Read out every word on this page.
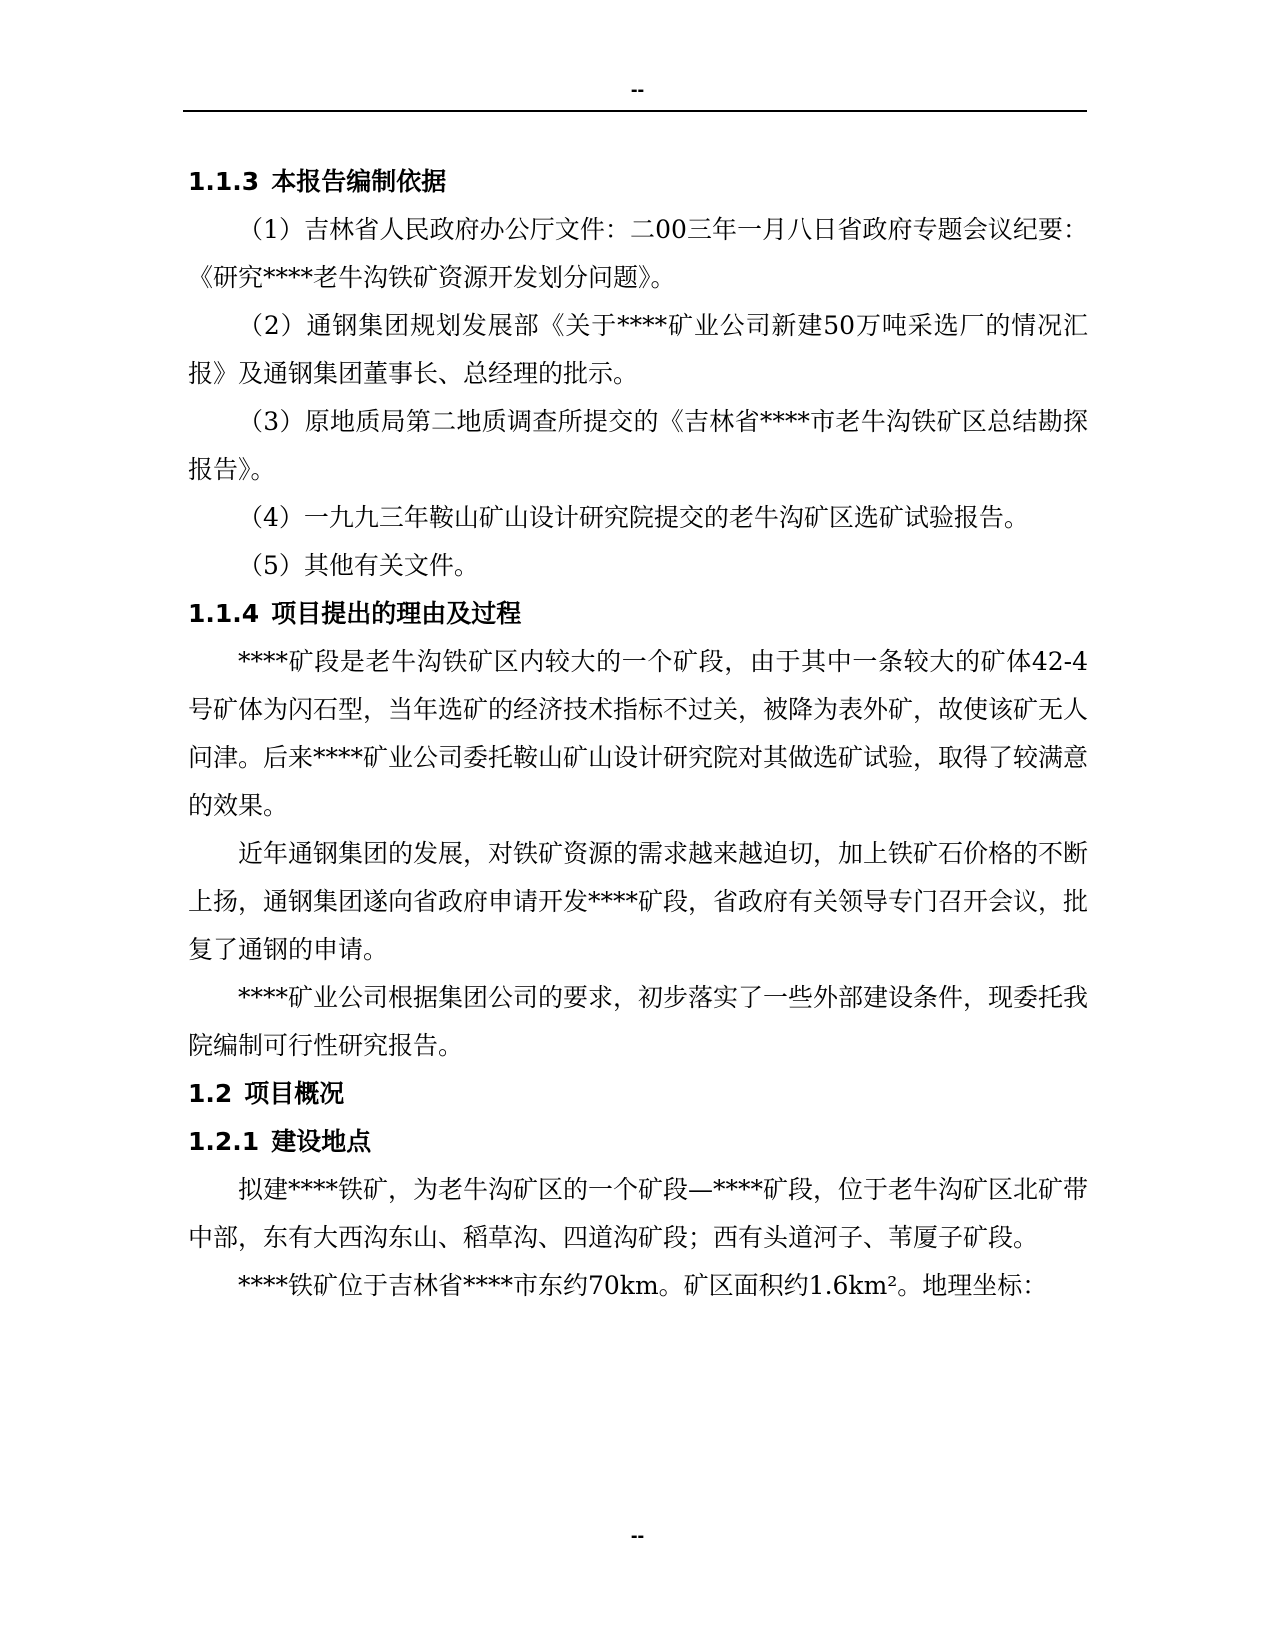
--
1.1.3 本报告编制依据

（1）吉林省人民政府办公厅文件：二00三年一月八日省政府专题会议纪要：《研究****老牛沟铁矿资源开发划分问题》。

（2）通钢集团规划发展部《关于****矿业公司新建50万吨采选厂的情况汇报》及通钢集团董事长、总经理的批示。

（3）原地质局第二地质调查所提交的《吉林省****市老牛沟铁矿区总结勘探报告》。

（4）一九九三年鞍山矿山设计研究院提交的老牛沟矿区选矿试验报告。

（5）其他有关文件。

1.1.4 项目提出的理由及过程

****矿段是老牛沟铁矿区内较大的一个矿段，由于其中一条较大的矿体42-4号矿体为闪石型，当年选矿的经济技术指标不过关，被降为表外矿，故使该矿无人问津。后来****矿业公司委托鞍山矿山设计研究院对其做选矿试验，取得了较满意的效果。

近年通钢集团的发展，对铁矿资源的需求越来越迫切，加上铁矿石价格的不断上扬，通钢集团遂向省政府申请开发****矿段，省政府有关领导专门召开会议，批复了通钢的申请。

****矿业公司根据集团公司的要求，初步落实了一些外部建设条件，现委托我院编制可行性研究报告。

1.2 项目概况
1.2.1 建设地点

拟建****铁矿，为老牛沟矿区的一个矿段—****矿段，位于老牛沟矿区北矿带中部，东有大西沟东山、稻草沟、四道沟矿段；西有头道河子、苇厦子矿段。

****铁矿位于吉林省****市东约70km。矿区面积约1.6km²。地理坐标：

--
